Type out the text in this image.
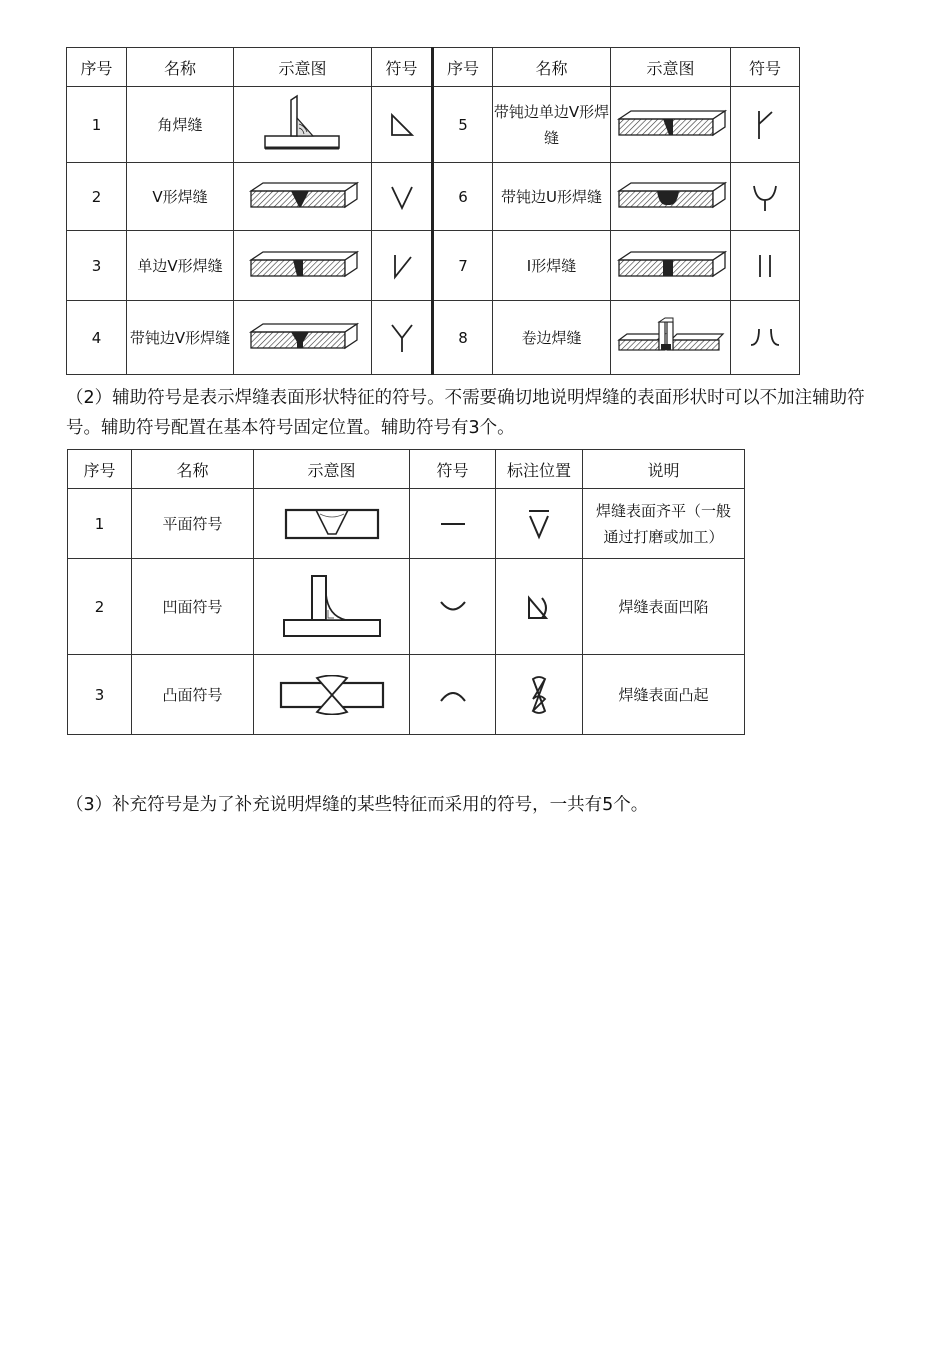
序号	名称	示意图	符号	序号	名称	示意图	符号
1	角焊缝			5	带钝边单边V形焊缝	

2	V形焊缝			6	带钝边U形焊缝	

3	单边V形焊缝			7	I形焊缝	

4	带钝边V形焊缝			8	卷边焊缝	

（2）辅助符号是表示焊缝表面形状特征的符号。不需要确切地说明焊缝的表面形状时可以不加注辅助符号。辅助符号配置在基本符号固定位置。辅助符号有3个。
序号	名称	示意图	符号	标注位置	说明
1	平面符号				焊缝表面齐平（一般通过打磨或加工）
2	凹面符号				焊缝表面凹陷
3	凸面符号				焊缝表面凸起
（3）补充符号是为了补充说明焊缝的某些特征而采用的符号，一共有5个。
